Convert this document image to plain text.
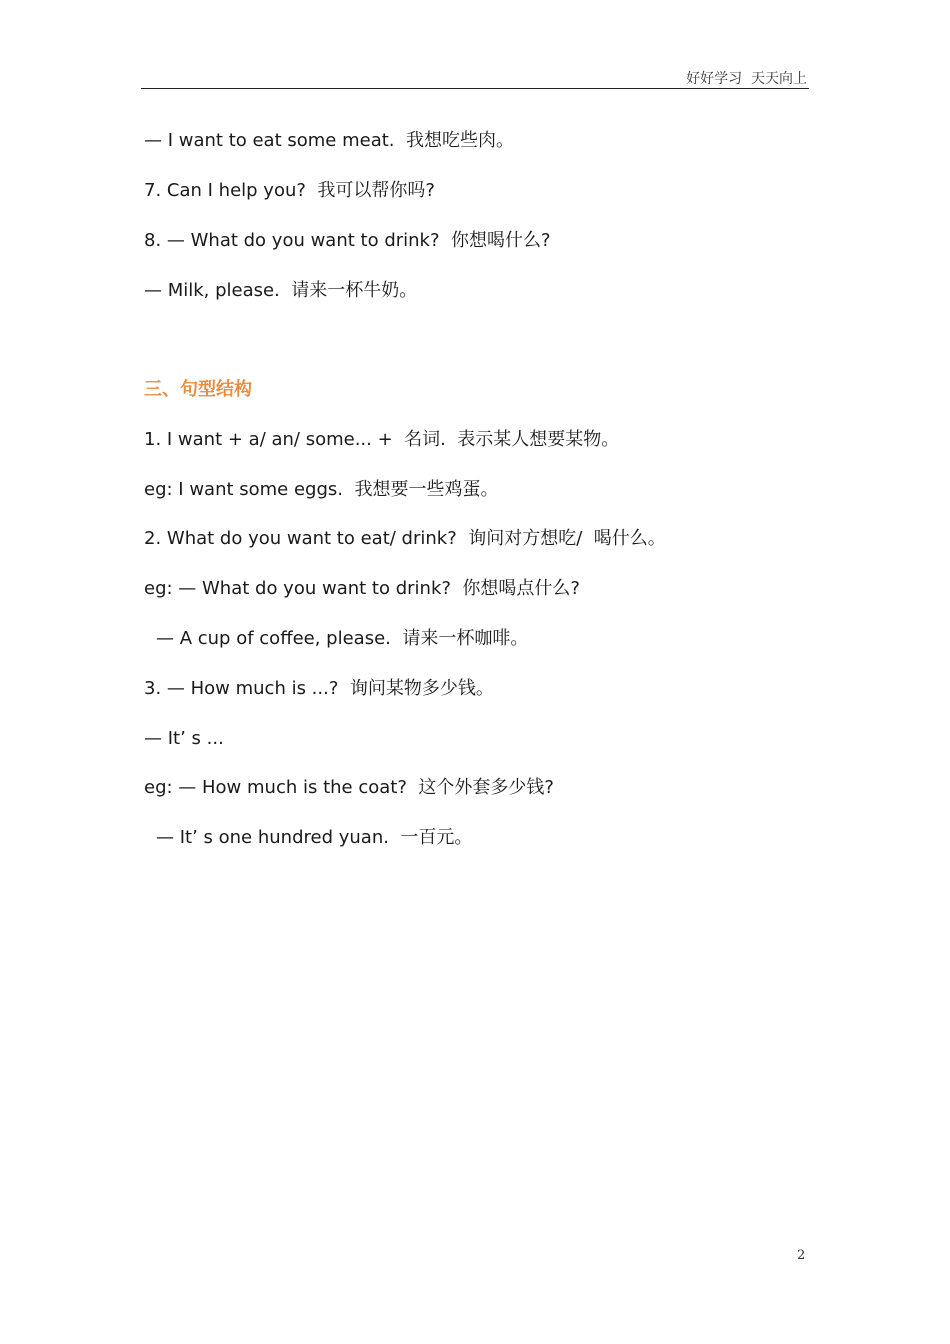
好好学习  天天向上
— I want to eat some meat.  我想吃些肉。
7. Can I help you?  我可以帮你吗?
8. — What do you want to drink?  你想喝什么?
— Milk, please.  请来一杯牛奶。
三、句型结构
1. I want + a/ an/ some... +  名词.  表示某人想要某物。
eg: I want some eggs.  我想要一些鸡蛋。
2. What do you want to eat/ drink?  询问对方想吃/  喝什么。
eg: — What do you want to drink?  你想喝点什么?
— A cup of coffee, please.  请来一杯咖啡。
3. — How much is ...?  询问某物多少钱。
— It’ s ...
eg: — How much is the coat?  这个外套多少钱?
— It’ s one hundred yuan.  一百元。
2
